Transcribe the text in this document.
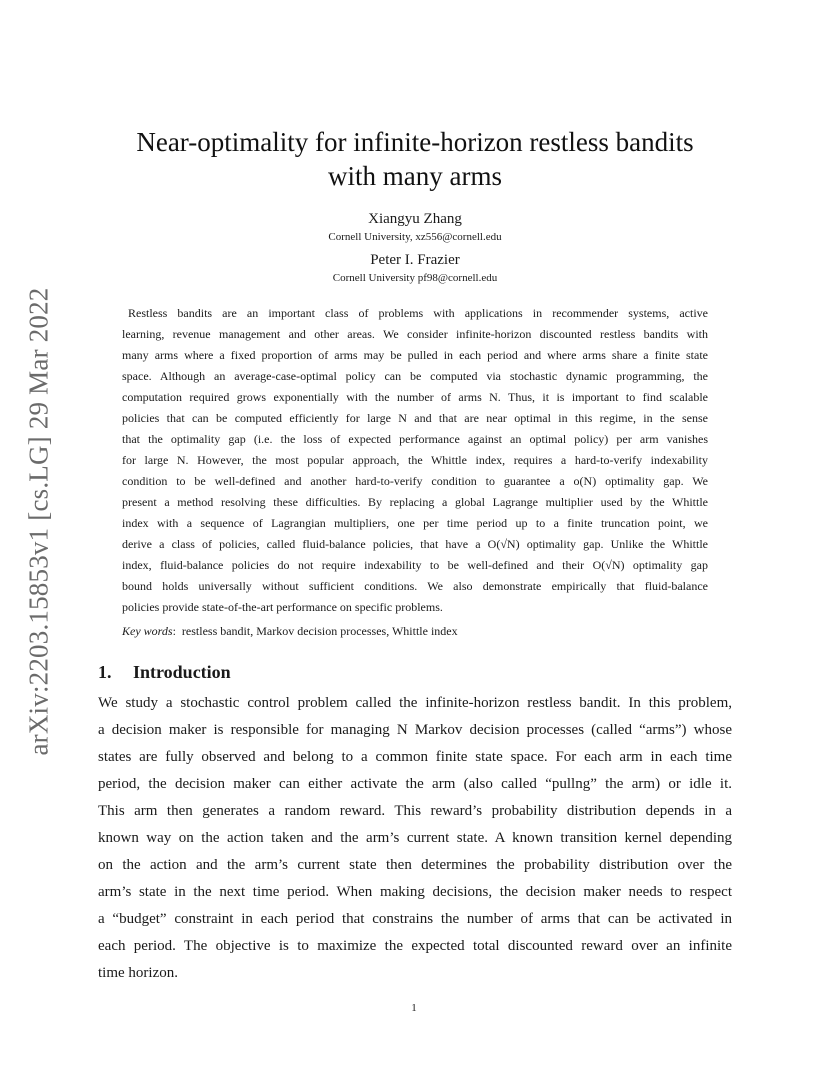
arXiv:2203.15853v1 [cs.LG] 29 Mar 2022
Near-optimality for infinite-horizon restless bandits
with many arms
Xiangyu Zhang
Cornell University, xz556@cornell.edu
Peter I. Frazier
Cornell University pf98@cornell.edu
Restless bandits are an important class of problems with applications in recommender systems, active
learning, revenue management and other areas. We consider infinite-horizon discounted restless bandits with
many arms where a fixed proportion of arms may be pulled in each period and where arms share a finite state
space. Although an average-case-optimal policy can be computed via stochastic dynamic programming, the
computation required grows exponentially with the number of arms N. Thus, it is important to find scalable
policies that can be computed efficiently for large N and that are near optimal in this regime, in the sense
that the optimality gap (i.e. the loss of expected performance against an optimal policy) per arm vanishes
for large N. However, the most popular approach, the Whittle index, requires a hard-to-verify indexability
condition to be well-defined and another hard-to-verify condition to guarantee a o(N) optimality gap. We
present a method resolving these difficulties. By replacing a global Lagrange multiplier used by the Whittle
index with a sequence of Lagrangian multipliers, one per time period up to a finite truncation point, we
derive a class of policies, called fluid-balance policies, that have a O(√N) optimality gap. Unlike the Whittle
index, fluid-balance policies do not require indexability to be well-defined and their O(√N) optimality gap
bound holds universally without sufficient conditions. We also demonstrate empirically that fluid-balance
policies provide state-of-the-art performance on specific problems.
Key words:  restless bandit, Markov decision processes, Whittle index
1. Introduction
We study a stochastic control problem called the infinite-horizon restless bandit. In this problem,
a decision maker is responsible for managing N Markov decision processes (called “arms”) whose
states are fully observed and belong to a common finite state space. For each arm in each time
period, the decision maker can either activate the arm (also called “pullng” the arm) or idle it.
This arm then generates a random reward. This reward’s probability distribution depends in a
known way on the action taken and the arm’s current state. A known transition kernel depending
on the action and the arm’s current state then determines the probability distribution over the
arm’s state in the next time period. When making decisions, the decision maker needs to respect
a “budget” constraint in each period that constrains the number of arms that can be activated in
each period. The objective is to maximize the expected total discounted reward over an infinite
time horizon.
1
